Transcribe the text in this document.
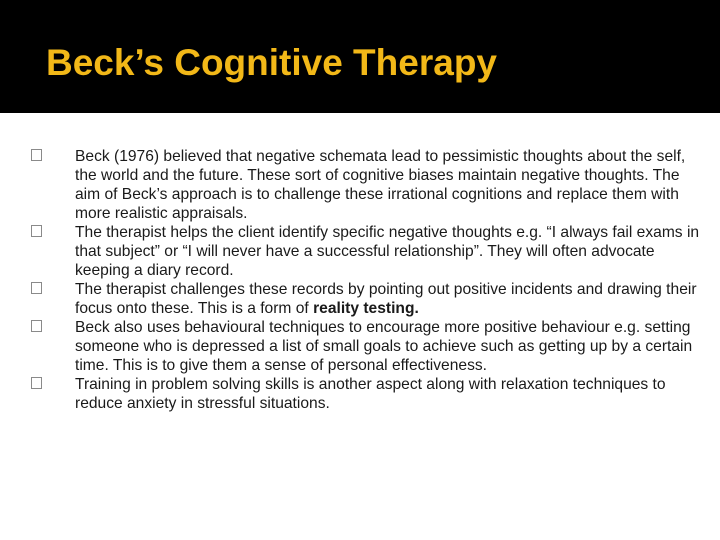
Beck’s Cognitive Therapy
Beck (1976) believed that negative schemata lead to pessimistic thoughts about the self, the world and the future. These sort of cognitive biases maintain negative thoughts. The aim of Beck’s approach is to challenge these irrational cognitions and replace them with more realistic appraisals.
The therapist helps the client identify specific negative thoughts e.g. “I always fail exams in that subject” or “I will never have a successful relationship”. They will often advocate keeping a diary record.
The therapist challenges these records by pointing out positive incidents and drawing their focus onto these. This is a form of reality testing.
Beck also uses behavioural techniques to encourage more positive behaviour e.g. setting someone who is depressed a list of small goals to achieve such as getting up by a certain time. This is to give them a sense of personal effectiveness.
Training in problem solving skills is another aspect along with relaxation techniques to reduce anxiety in stressful situations.
